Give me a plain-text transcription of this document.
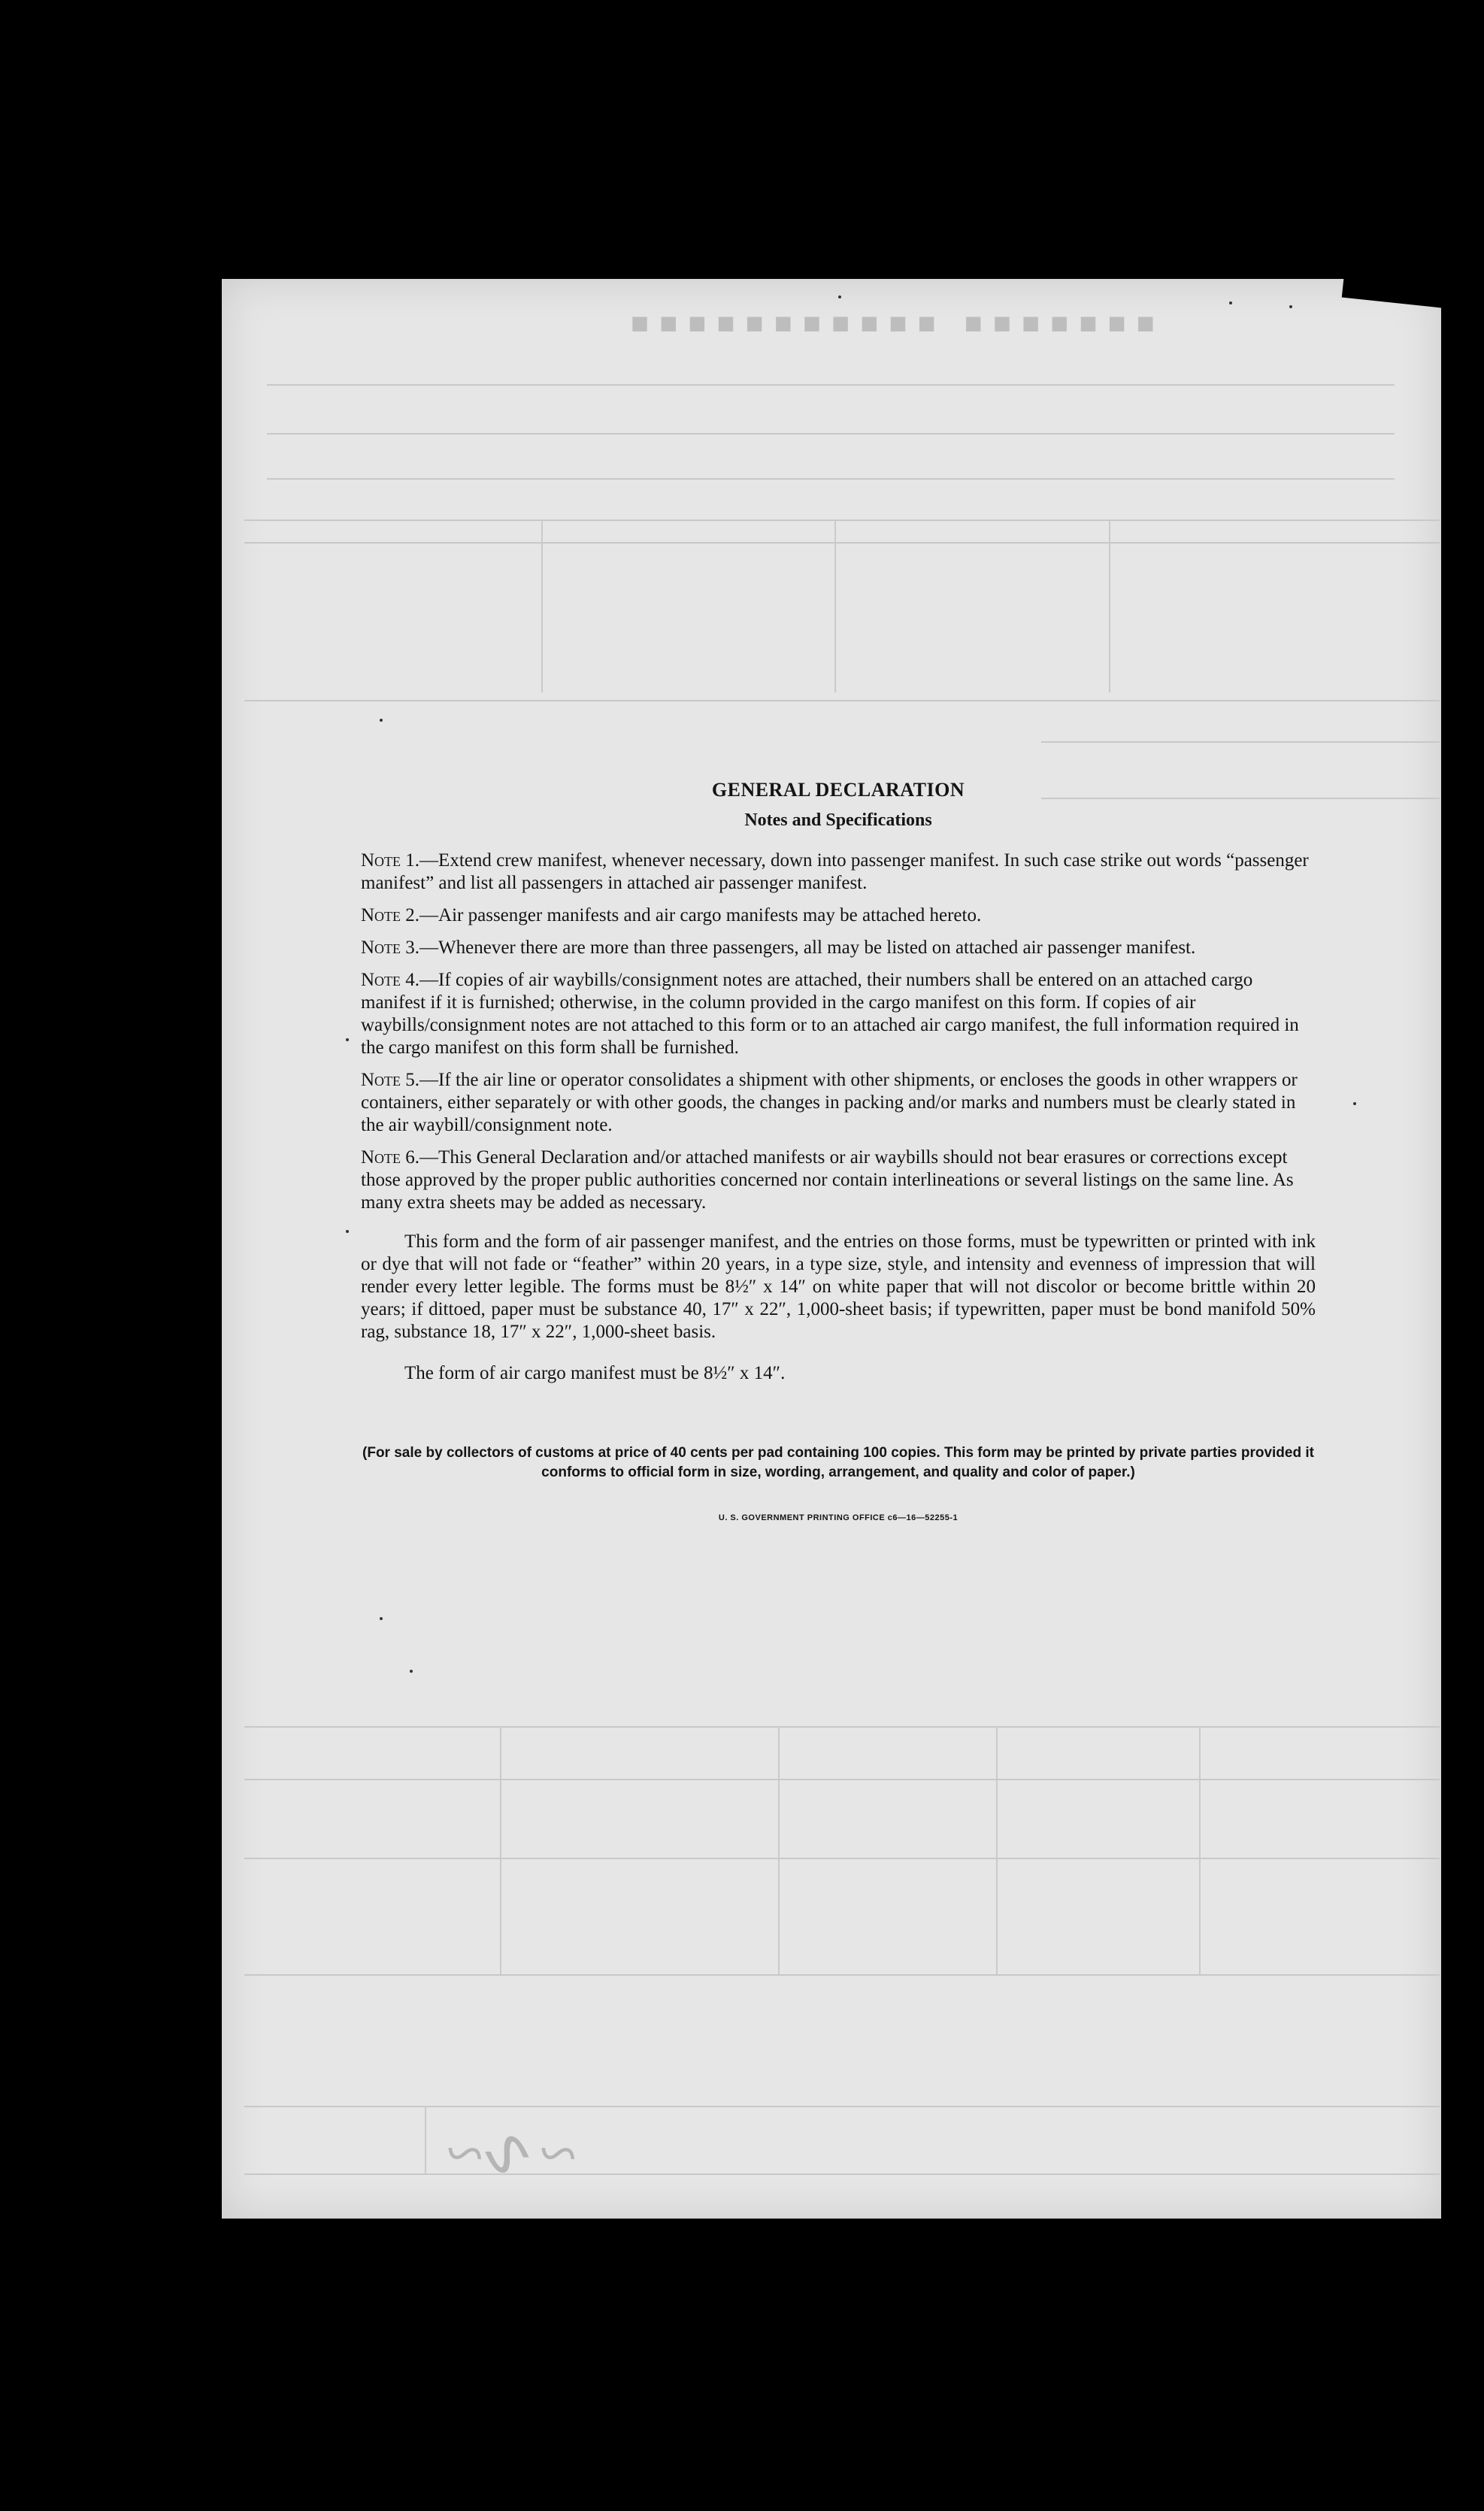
​■■■■■■■ ■■■■■■■■■■■
​~∿~
GENERAL DECLARATION
Notes and Specifications
Note 1.—Extend crew manifest, whenever necessary, down into passenger manifest. In such case strike out words “passenger manifest” and list all passengers in attached air passenger manifest.
Note 2.—Air passenger manifests and air cargo manifests may be attached hereto.
Note 3.—Whenever there are more than three passengers, all may be listed on attached air passenger manifest.
Note 4.—If copies of air waybills/consignment notes are attached, their numbers shall be entered on an attached cargo manifest if it is furnished; otherwise, in the column provided in the cargo manifest on this form. If copies of air waybills/consignment notes are not attached to this form or to an attached air cargo manifest, the full information required in the cargo manifest on this form shall be furnished.
Note 5.—If the air line or operator consolidates a shipment with other shipments, or encloses the goods in other wrappers or containers, either separately or with other goods, the changes in packing and/or marks and numbers must be clearly stated in the air waybill/consignment note.
Note 6.—This General Declaration and/or attached manifests or air waybills should not bear erasures or corrections except those approved by the proper public authorities concerned nor contain interlineations or several listings on the same line. As many extra sheets may be added as necessary.

This form and the form of air passenger manifest, and the entries on those forms, must be typewritten or printed with ink or dye that will not fade or “feather” within 20 years, in a type size, style, and intensity and evenness of impression that will render every letter legible. The forms must be 8½″ x 14″ on white paper that will not discolor or become brittle within 20 years; if dittoed, paper must be substance 40, 17″ x 22″, 1,000-sheet basis; if typewritten, paper must be bond manifold 50% rag, substance 18, 17″ x 22″, 1,000-sheet basis.

The form of air cargo manifest must be 8½″ x 14″.
(For sale by collectors of customs at price of 40 cents per pad containing 100 copies. This form may be printed by private parties provided it conforms to official form in size, wording, arrangement, and quality and color of paper.)
U. S. GOVERNMENT PRINTING OFFICE c6—16—52255-1
